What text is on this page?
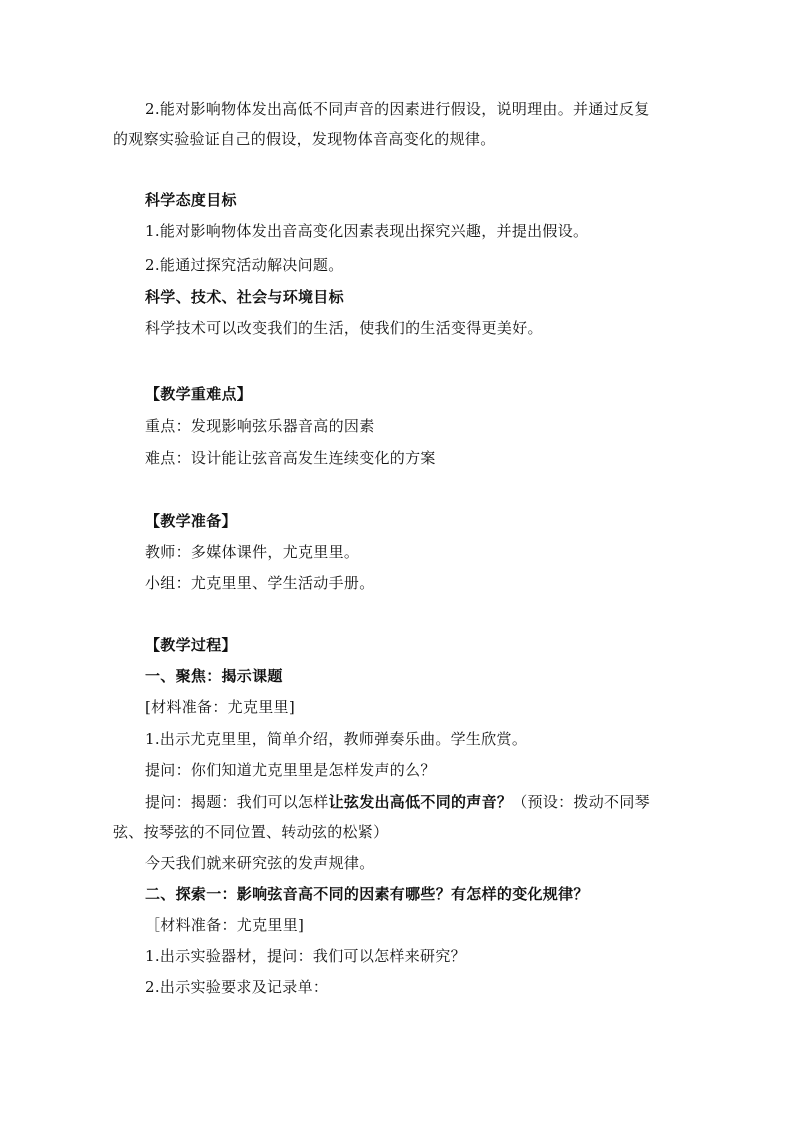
2.能对影响物体发出高低不同声音的因素进行假设，说明理由。并通过反复
的观察实验验证自己的假设，发现物体音高变化的规律。
科学态度目标
1.能对影响物体发出音高变化因素表现出探究兴趣，并提出假设。
2.能通过探究活动解决问题。
科学、技术、社会与环境目标
科学技术可以改变我们的生活，使我们的生活变得更美好。
【教学重难点】
重点：发现影响弦乐器音高的因素
难点：设计能让弦音高发生连续变化的方案
【教学准备】
教师：多媒体课件，尤克里里。
小组：尤克里里、学生活动手册。
【教学过程】
一、聚焦：揭示课题
[材料准备：尤克里里]
1.出示尤克里里，简单介绍，教师弹奏乐曲。学生欣赏。
提问：你们知道尤克里里是怎样发声的么？
提问：揭题：我们可以怎样让弦发出高低不同的声音？（预设：拨动不同琴
弦、按琴弦的不同位置、转动弦的松紧）
今天我们就来研究弦的发声规律。
二、探索一：影响弦音高不同的因素有哪些？有怎样的变化规律？
［材料准备：尤克里里]
1.出示实验器材，提问：我们可以怎样来研究？
2.出示实验要求及记录单：
